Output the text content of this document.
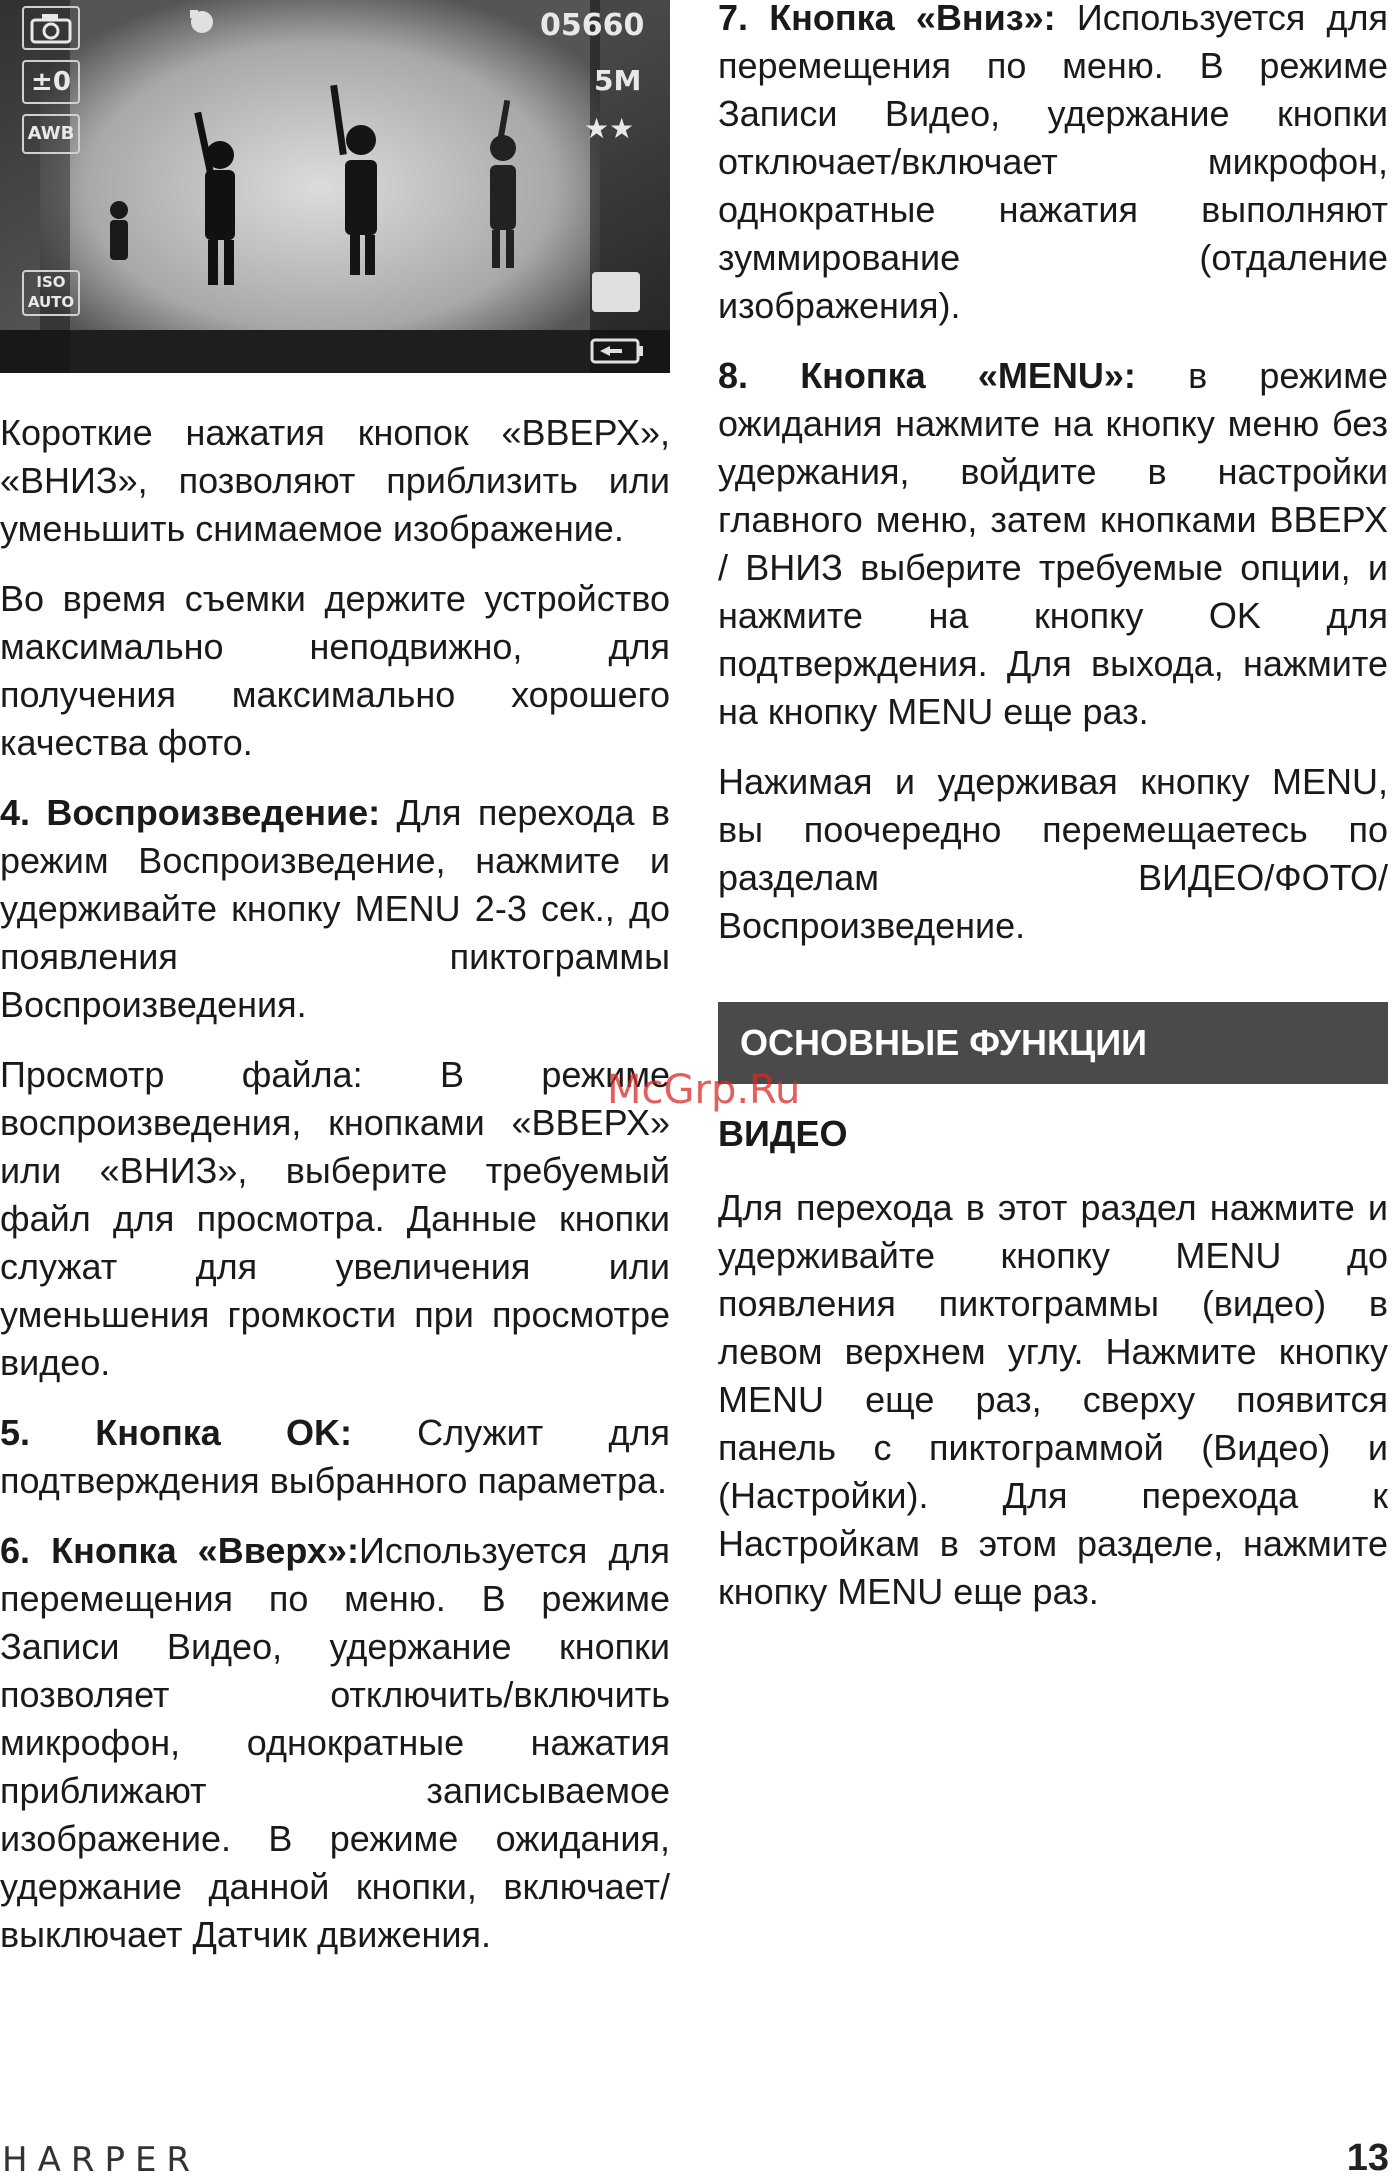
±0
AWB
ISO AUTO
05660
5M
★★

Короткие нажатия кнопок «ВВЕРХ», «ВНИЗ», позволяют приблизить или уменьшить снимаемое изображение.

Во время съемки держите устройство максимально неподвижно, для получения максимально хорошего качества фото.

4. Воспроизведение: Для перехода в режим Воспроизведение, нажмите и удерживайте кнопку MENU 2-3 сек., до появления пиктограммы Воспроизведения.

Просмотр файла: В режиме воспроизведения, кнопками «ВВЕРХ» или «ВНИЗ», выберите требуемый файл для просмотра. Данные кнопки служат для увеличения или уменьшения громкости при просмотре видео.

5. Кнопка OK: Служит для подтверждения выбранного параметра.

6. Кнопка «Вверх»:Используется для перемещения по меню. В режиме Записи Видео, удержание кнопки позволяет отключить/включить микрофон, однократные нажатия приближают записываемое изображение. В режиме ожидания, удержание данной кнопки, включает/выключает Датчик движения.

7. Кнопка «Вниз»: Используется для перемещения по меню. В режиме Записи Видео, удержание кнопки отключает/включает микрофон, однократные нажатия выполняют зуммирование (отдаление изображения).

8. Кнопка «MENU»: в режиме ожидания нажмите на кнопку меню без удержания, войдите в настройки главного меню, затем кнопками ВВЕРХ / ВНИЗ выберите требуемые опции, и нажмите на кнопку OK для подтверждения. Для выхода, нажмите на кнопку MENU еще раз.

Нажимая и удерживая кнопку MENU, вы поочередно перемещаетесь по разделам ВИДЕО/ФОТО/Воспроизведение.

ОСНОВНЫЕ ФУНКЦИИ
ВИДЕО

Для перехода в этот раздел нажмите и удерживайте кнопку MENU до появления пиктограммы (видео) в левом верхнем углу. Нажмите кнопку MENU еще раз, сверху появится панель с пиктограммой (Видео) и (Настройки). Для перехода к Настройкам в этом разделе, нажмите кнопку MENU еще раз.

McGrp.Ru
HARPER	13
